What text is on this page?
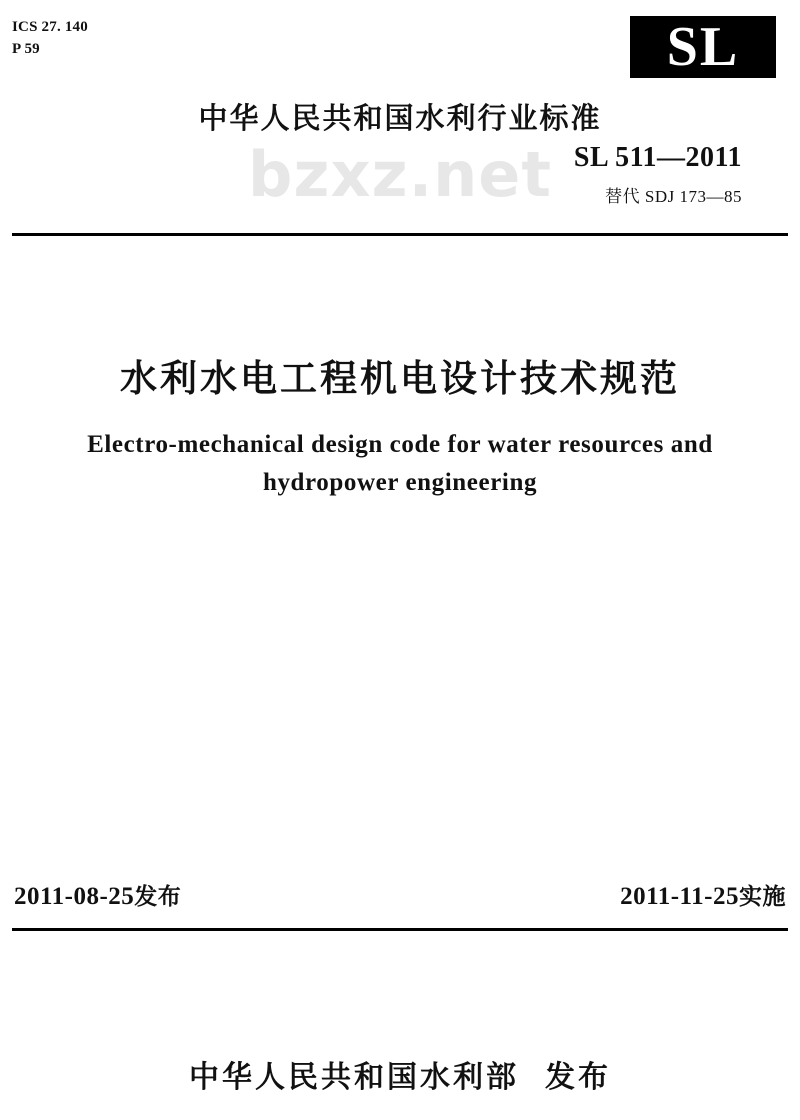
ICS 27. 140
P 59	SL
bzxz.net
中华人民共和国水利行业标准
SL 511—2011
替代 SDJ 173—85
水利水电工程机电设计技术规范
Electro-mechanical design code for water resources and
hydropower engineering
2011-08-25发布	2011-11-25实施
中华人民共和国水利部 发布
